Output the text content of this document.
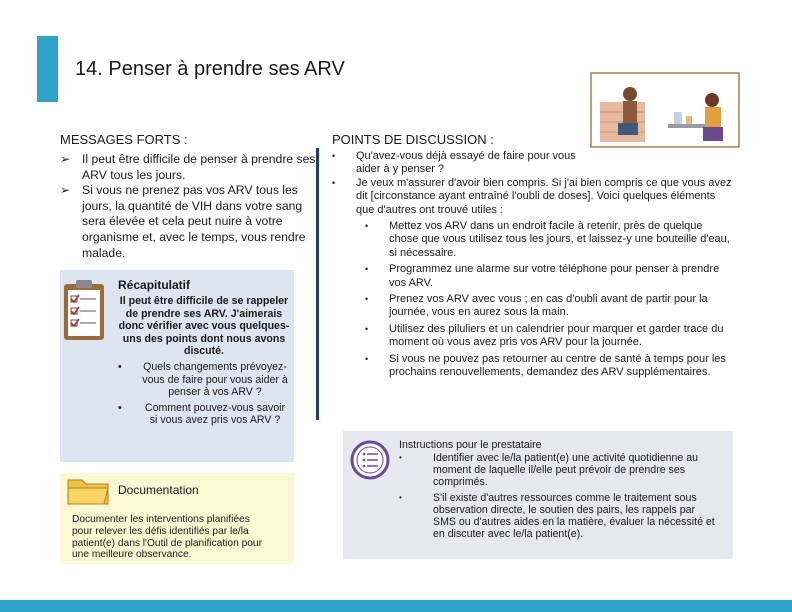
14. Penser à prendre ses ARV
MESSAGES FORTS :
➢ Il peut être difficile de penser à prendre ses ARV tous les jours.
➢ Si vous ne prenez pas vos ARV tous les jours, la quantité de VIH dans votre sang sera élevée et cela peut nuire à votre organisme et, avec le temps, vous rendre malade.
Récapitulatif
Il peut être difficile de se rappeler de prendre ses ARV. J'aimerais donc vérifier avec vous quelques-uns des points dont nous avons discuté.
• Quels changements prévoyez-vous de faire pour vous aider à penser à vos ARV ?
• Comment pouvez-vous savoir si vous avez pris vos ARV ?
Documentation
Documenter les interventions planifiées pour relever les défis identifiés par le/la patient(e) dans l'Outil de planification pour une meilleure observance.
POINTS DE DISCUSSION :
• Qu'avez-vous déjà essayé de faire pour vous aider à y penser ?
• Je veux m'assurer d'avoir bien compris. Si j'ai bien compris ce que vous avez dit [circonstance ayant entraîné l'oubli de doses]. Voici quelques éléments que d'autres ont trouvé utiles :
• Mettez vos ARV dans un endroit facile à retenir, près de quelque chose que vous utilisez tous les jours, et laissez-y une bouteille d'eau, si nécessaire.
• Programmez une alarme sur votre téléphone pour penser à prendre vos ARV.
• Prenez vos ARV avec vous ; en cas d'oubli avant de partir pour la journée, vous en aurez sous la main.
• Utilisez des piluliers et un calendrier pour marquer et garder trace du moment où vous avez pris vos ARV pour la journée.
• Si vous ne pouvez pas retourner au centre de santé à temps pour les prochains renouvellements, demandez des ARV supplémentaires.
Instructions pour le prestataire
•	Identifier avec le/la patient(e) une activité quotidienne au moment de laquelle il/elle peut prévoir de prendre ses comprimés.
•	S'il existe d'autres ressources comme le traitement sous observation directe, le soutien des pairs, les rappels par SMS ou d'autres aides en la matière, évaluer la nécessité et en discuter avec le/la patient(e).
